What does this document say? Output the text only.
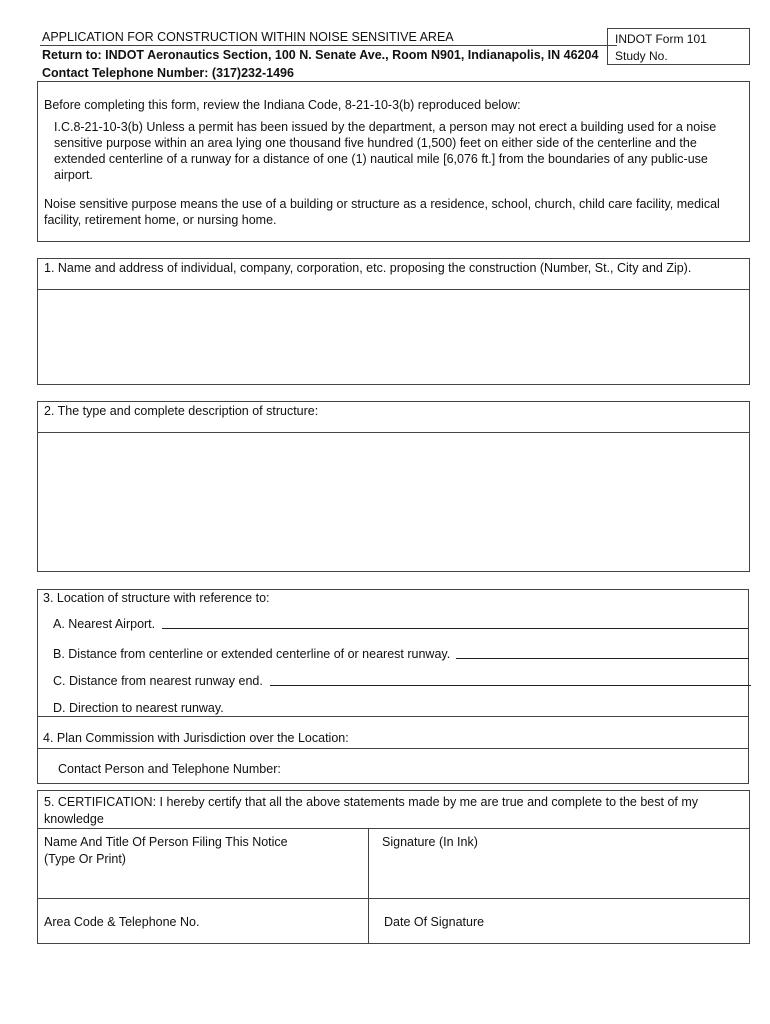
APPLICATION FOR CONSTRUCTION WITHIN NOISE SENSITIVE AREA
Return to: INDOT Aeronautics Section, 100 N. Senate Ave., Room N901, Indianapolis, IN 46204
Contact Telephone Number: (317)232-1496
INDOT Form 101
Study No.
Before completing this form, review the Indiana Code, 8-21-10-3(b) reproduced below:
I.C.8-21-10-3(b) Unless a permit has been issued by the department, a person may not erect a building used for a noise sensitive purpose within an area lying one thousand five hundred (1,500) feet on either side of the centerline and the extended centerline of a runway for a distance of one (1) nautical mile [6,076 ft.] from the boundaries of any public-use airport.
Noise sensitive purpose means the use of a building or structure as a residence, school, church, child care facility, medical facility, retirement home, or nursing home.
1. Name and address of individual, company, corporation, etc. proposing the construction (Number, St., City and Zip).
2. The type and complete description of structure:
3. Location of structure with reference to:
A. Nearest Airport.
B. Distance from centerline or extended centerline of or nearest runway.
C. Distance from nearest runway end.
D. Direction to nearest runway.
4. Plan Commission with Jurisdiction over the Location:
Contact Person and Telephone Number:
5. CERTIFICATION: I hereby certify that all the above statements made by me are true and complete to the best of my knowledge
Name And Title Of Person Filing This Notice
(Type Or Print)
Signature (In Ink)
Area Code & Telephone No.	Date Of Signature
